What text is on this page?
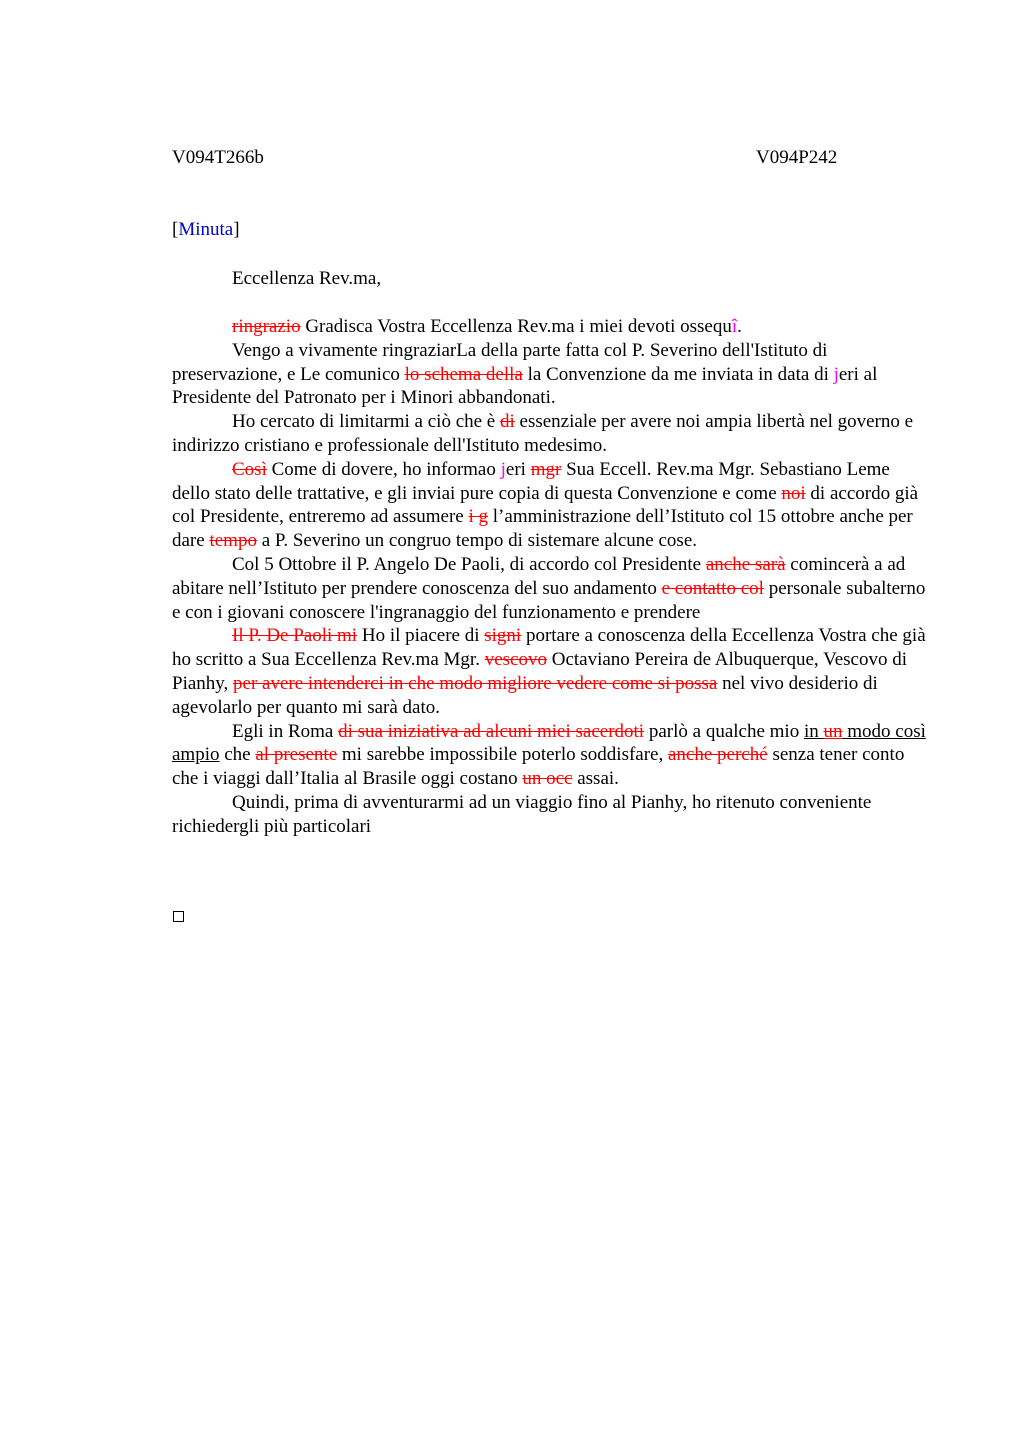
V094T266b	V094P242
[Minuta]
Eccellenza Rev.ma,

ringrazio Gradisca Vostra Eccellenza Rev.ma i miei devoti ossequî.

Vengo a vivamente ringraziarLa della parte fatta col P. Severino dell'Istituto di preservazione, e Le comunico lo schema della la Convenzione da me inviata in data di jeri al Presidente del Patronato per i Minori abbandonati.

Ho cercato di limitarmi a ciò che è di essenziale per avere noi ampia libertà nel governo e indirizzo cristiano e professionale dell'Istituto medesimo.

Così Come di dovere, ho informao jeri mgr Sua Eccell. Rev.ma Mgr. Sebastiano Leme dello stato delle trattative, e gli inviai pure copia di questa Convenzione e come noi di accordo già col Presidente, entreremo ad assumere i g l’amministrazione dell’Istituto col 15 ottobre anche per dare tempo a P. Severino un congruo tempo di sistemare alcune cose.

Col 5 Ottobre il P. Angelo De Paoli, di accordo col Presidente anche sarà comincerà a ad abitare nell’Istituto per prendere conoscenza del suo andamento e contatto col personale subalterno e con i giovani conoscere l'ingranaggio del funzionamento e prendere

Il P. De Paoli mi Ho il piacere di signi portare a conoscenza della Eccellenza Vostra che già ho scritto a Sua Eccellenza Rev.ma Mgr. vescovo Octaviano Pereira de Albuquerque, Vescovo di Pianhy, per avere intenderci in che modo migliore vedere come si possa nel vivo desiderio di agevolarlo per quanto mi sarà dato.

Egli in Roma di sua iniziativa ad alcuni miei sacerdoti parlò a qualche mio in un modo così ampio che al presente mi sarebbe impossibile poterlo soddisfare, anche perché senza tener conto che i viaggi dall’Italia al Brasile oggi costano un occ assai.

Quindi, prima di avventurarmi ad un viaggio fino al Pianhy, ho ritenuto conveniente richiedergli più particolari
